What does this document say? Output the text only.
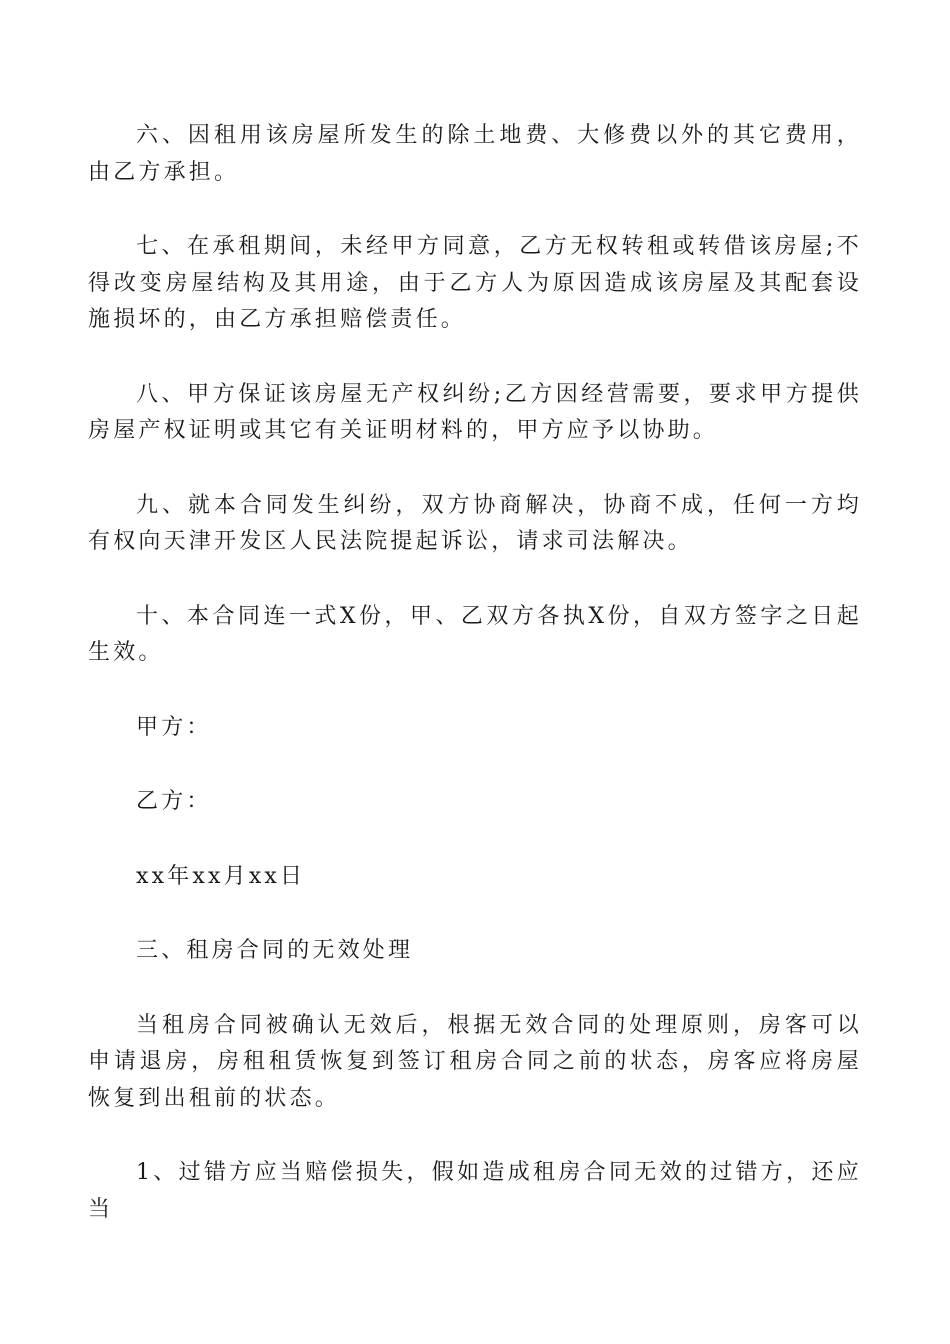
六、因租用该房屋所发生的除土地费、大修费以外的其它费用，由乙方承担。

七、在承租期间，未经甲方同意，乙方无权转租或转借该房屋;不得改变房屋结构及其用途，由于乙方人为原因造成该房屋及其配套设施损坏的，由乙方承担赔偿责任。

八、甲方保证该房屋无产权纠纷;乙方因经营需要，要求甲方提供房屋产权证明或其它有关证明材料的，甲方应予以协助。

九、就本合同发生纠纷，双方协商解决，协商不成，任何一方均有权向天津开发区人民法院提起诉讼，请求司法解决。

十、本合同连一式X份，甲、乙双方各执X份，自双方签字之日起生效。

甲方：

乙方：

xx年xx月xx日

三、租房合同的无效处理

当租房合同被确认无效后，根据无效合同的处理原则，房客可以申请退房，房租租赁恢复到签订租房合同之前的状态，房客应将房屋恢复到出租前的状态。

1、过错方应当赔偿损失，假如造成租房合同无效的过错方，还应当
